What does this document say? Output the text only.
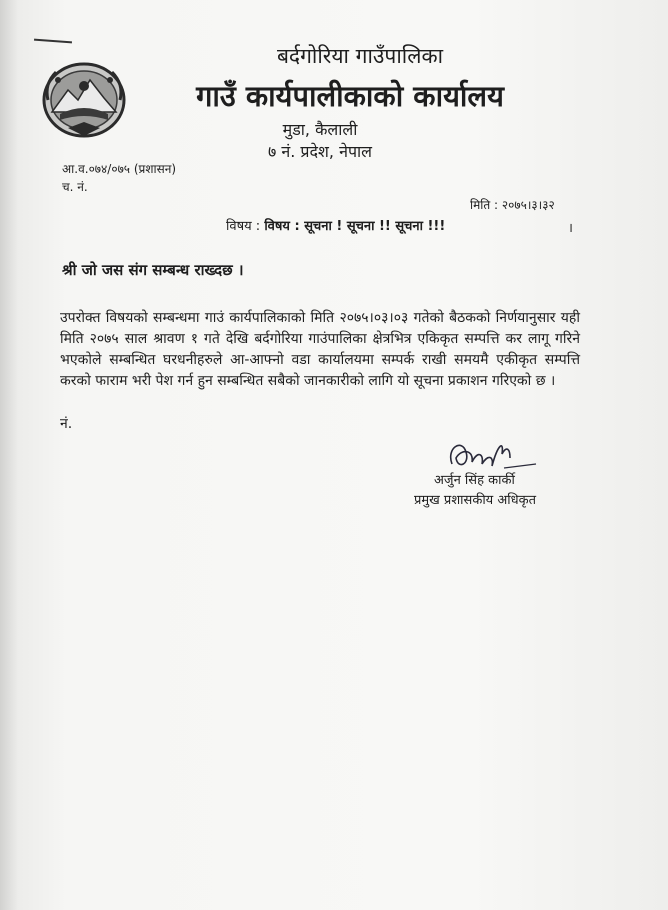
बर्दगोरिया गाउँपालिका
गाउँ कार्यपालीकाको कार्यालय
मुडा, कैलाली
७ नं. प्रदेश, नेपाल
आ.व.०७४/०७५ (प्रशासन)
च. नं.
मिति : २०७५।३।३२
विषय : विषय : सूचना ! सूचना !! सूचना !!!	।
श्री जो जस संग सम्बन्ध राख्दछ ।

उपरोक्त विषयको सम्बन्धमा गाउं कार्यपालिकाको मिति २०७५।०३।०३ गतेको बैठकको निर्णयानुसार यही मिति २०७५ साल श्रावण १ गते देखि बर्दगोरिया गाउंपालिका क्षेत्रभित्र एकिकृत सम्पत्ति कर लागू गरिने भएकोले सम्बन्धित घरधनीहरुले आ-आफ्नो वडा कार्यालयमा सम्पर्क राखी समयमै एकीकृत सम्पत्ति करको फाराम भरी पेश गर्न हुन सम्बन्धित सबैको जानकारीको लागि यो सूचना प्रकाशन गरिएको छ ।

नं.
अर्जुन सिंह कार्की
प्रमुख प्रशासकीय अधिकृत
